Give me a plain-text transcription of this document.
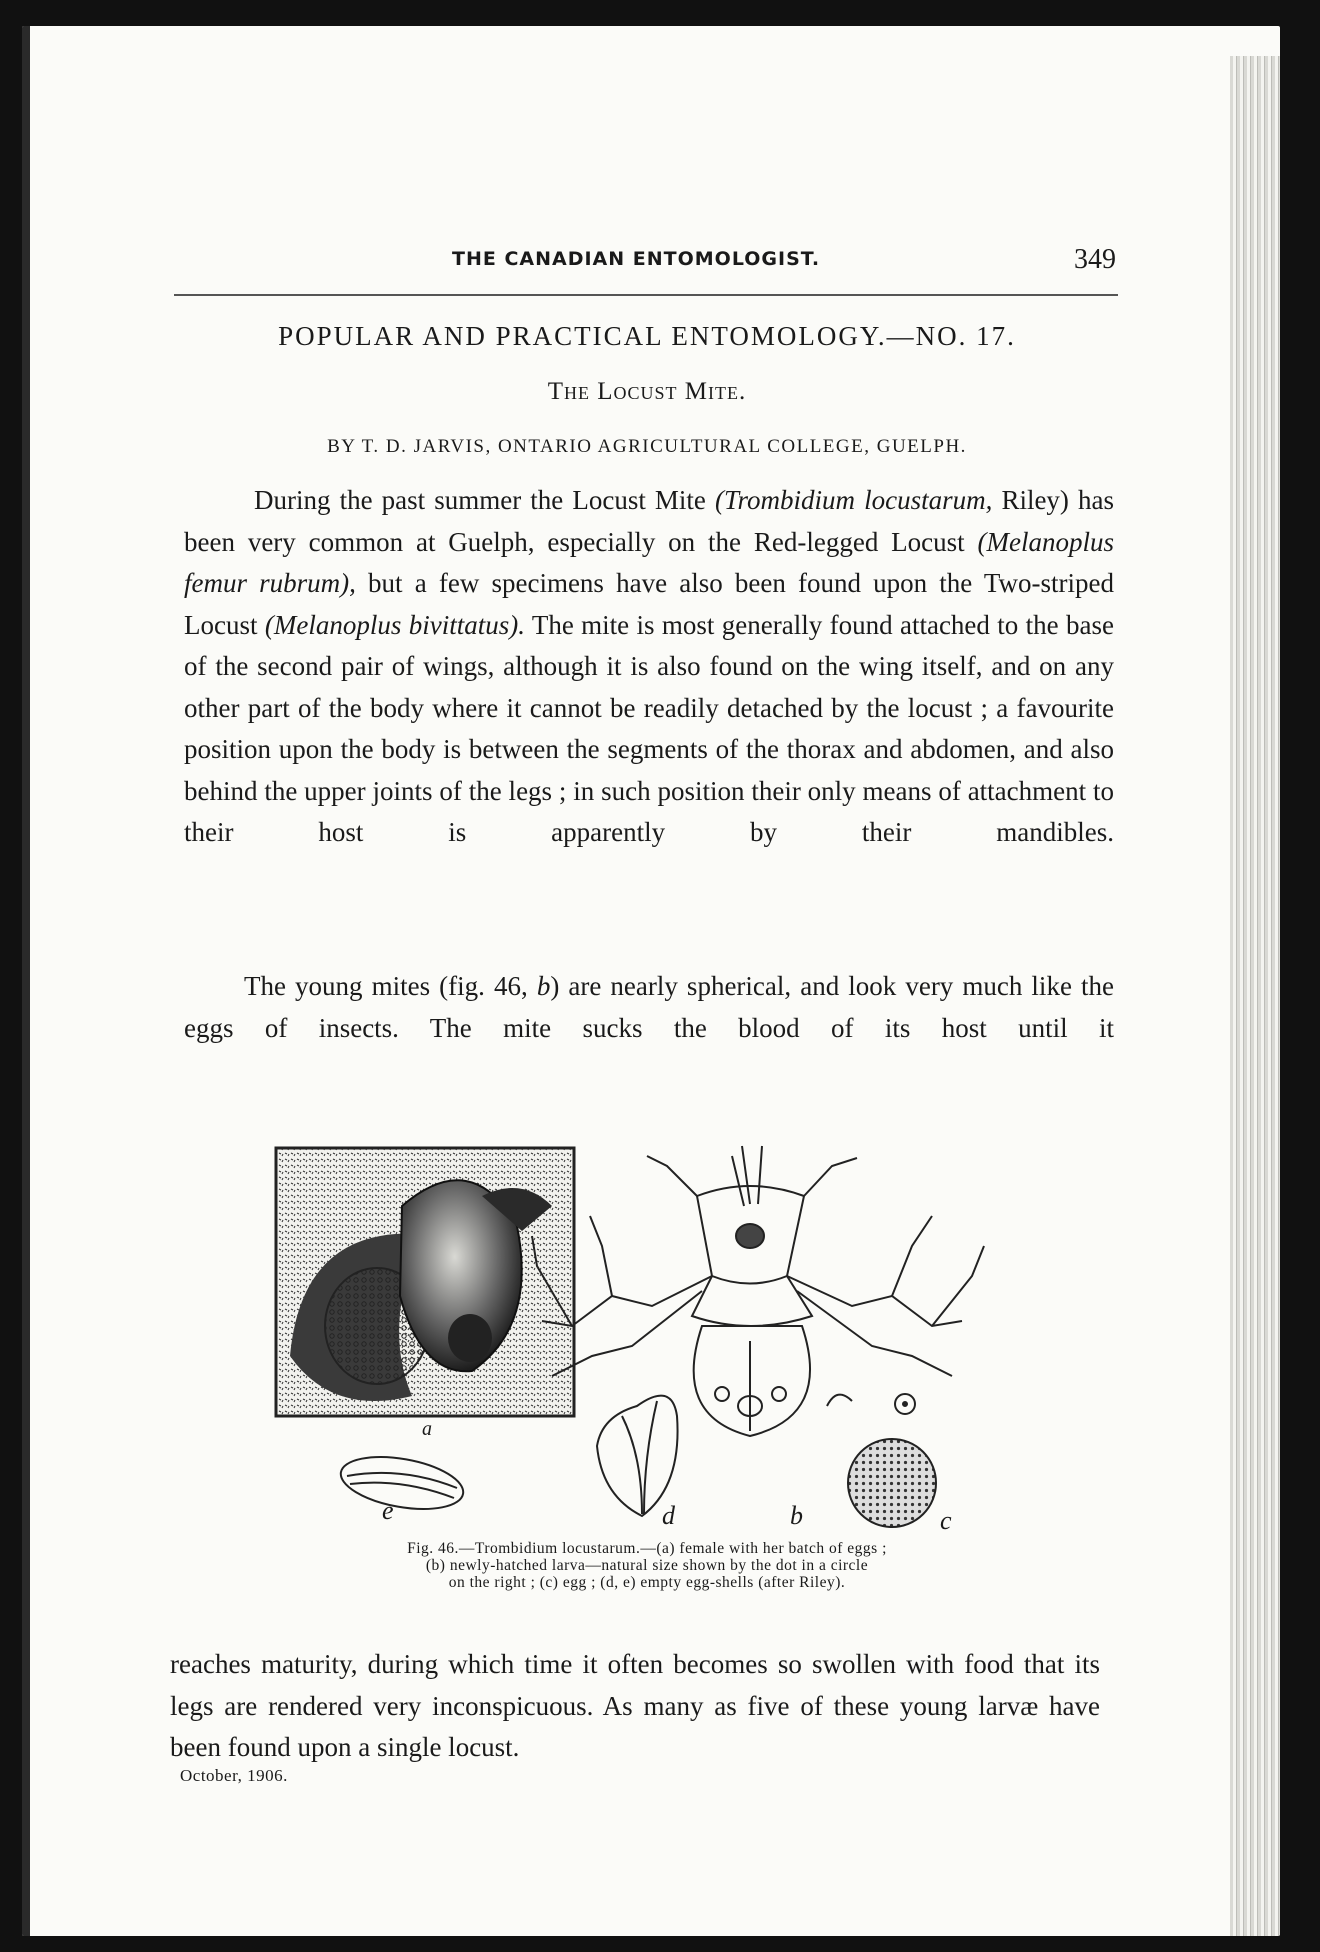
THE CANADIAN ENTOMOLOGIST.	349
POPULAR AND PRACTICAL ENTOMOLOGY.—NO. 17.
The Locust Mite.
BY T. D. JARVIS, ONTARIO AGRICULTURAL COLLEGE, GUELPH.

During the past summer the Locust Mite (Trombidium locustarum, Riley) has been very common at Guelph, especially on the Red-legged Locust (Melanoplus femur rubrum), but a few specimens have also been found upon the Two-striped Locust (Melanoplus bivittatus). The mite is most generally found attached to the base of the second pair of wings, although it is also found on the wing itself, and on any other part of the body where it cannot be readily detached by the locust ; a favourite position upon the body is between the segments of the thorax and abdomen, and also behind the upper joints of the legs ; in such position their only means of attachment to their host is apparently by their mandibles.

The young mites (fig. 46, b) are nearly spherical, and look very much like the eggs of insects. The mite sucks the blood of its host until it

a
e	d	b	c
Fig. 46.—Trombidium locustarum.—(a) female with her batch of eggs ;
(b) newly-hatched larva—natural size shown by the dot in a circle
on the right ; (c) egg ; (d, e) empty egg-shells (after Riley).
reaches maturity, during which time it often becomes so swollen with food that its legs are rendered very inconspicuous. As many as five of these young larvæ have been found upon a single locust.
October, 1906.
